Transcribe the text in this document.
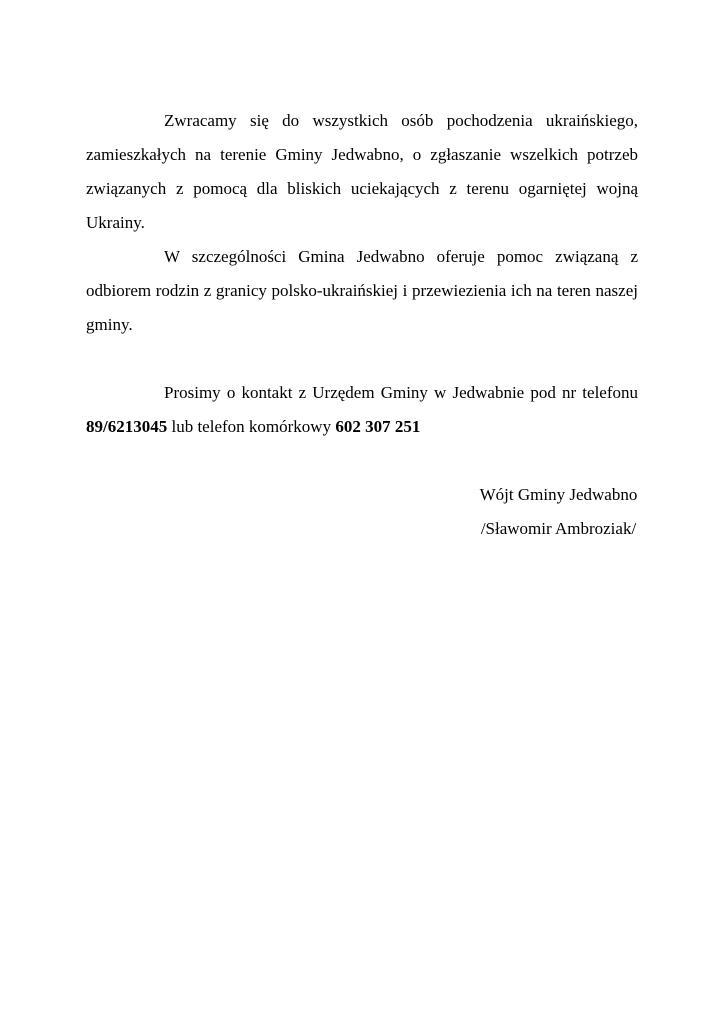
Zwracamy się do wszystkich osób pochodzenia ukraińskiego, zamieszkałych na terenie Gminy Jedwabno, o zgłaszanie wszelkich potrzeb związanych z pomocą dla bliskich uciekających z terenu ogarniętej wojną Ukrainy.

W szczególności Gmina Jedwabno oferuje pomoc związaną z odbiorem rodzin z granicy polsko-ukraińskiej i przewiezienia ich na teren naszej gminy.

Prosimy o kontakt z Urzędem Gminy w Jedwabnie pod nr telefonu 89/6213045 lub telefon komórkowy 602 307 251

Wójt Gminy Jedwabno
/Sławomir Ambroziak/
